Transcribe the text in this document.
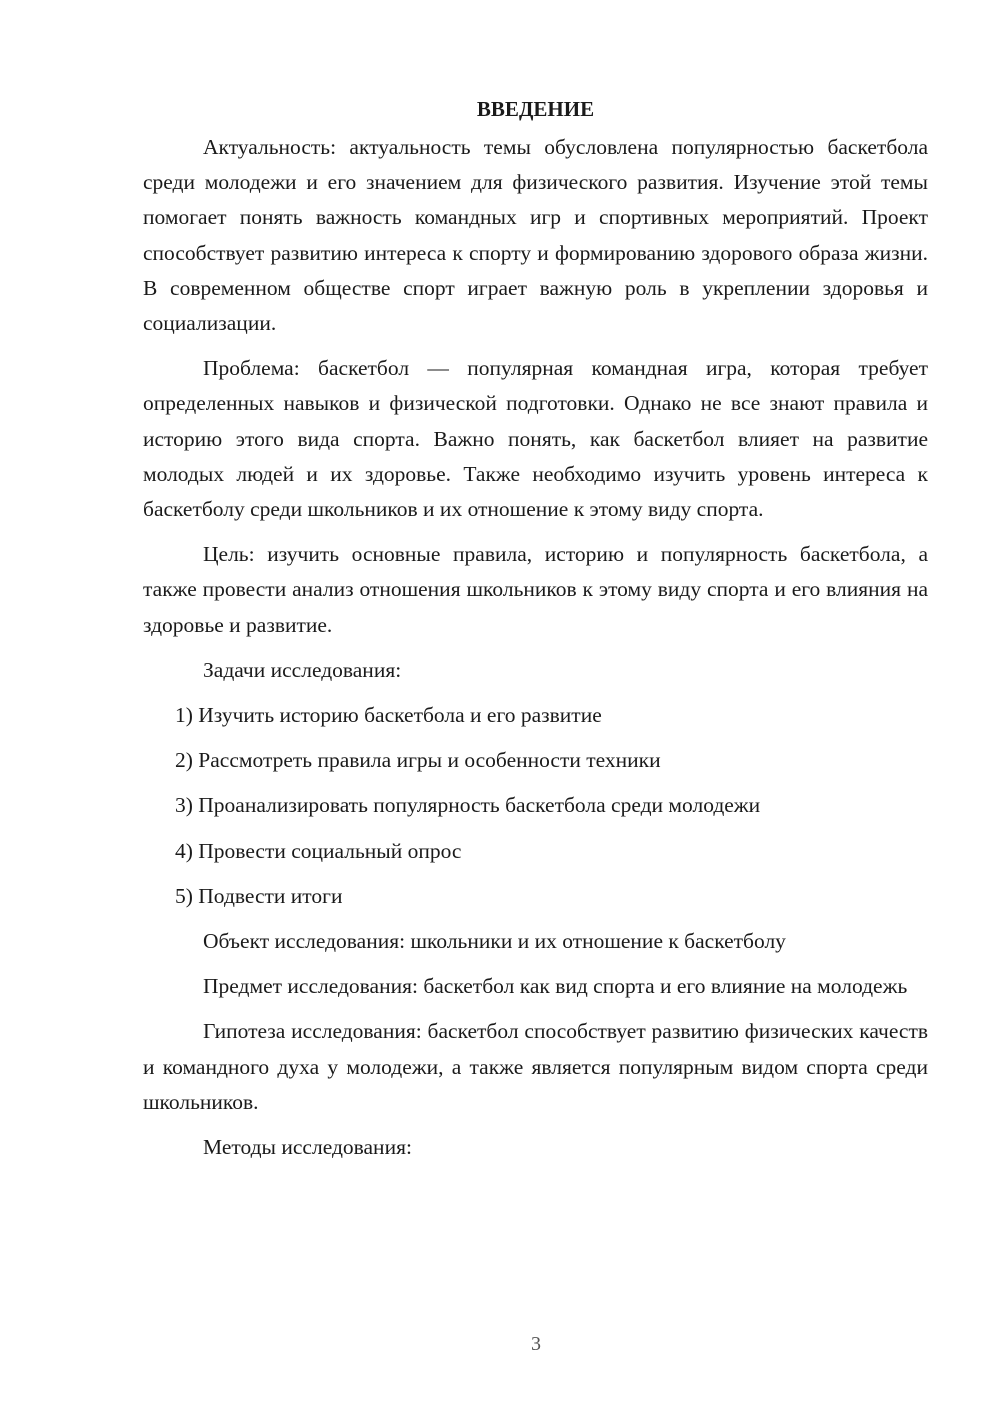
ВВЕДЕНИЕ

Актуальность: актуальность темы обусловлена популярностью баскетбола среди молодежи и его значением для физического развития. Изучение этой темы помогает понять важность командных игр и спортивных мероприятий. Проект способствует развитию интереса к спорту и формированию здорового образа жизни. В современном обществе спорт играет важную роль в укреплении здоровья и социализации.

Проблема: баскетбол — популярная командная игра, которая требует определенных навыков и физической подготовки. Однако не все знают правила и историю этого вида спорта. Важно понять, как баскетбол влияет на развитие молодых людей и их здоровье. Также необходимо изучить уровень интереса к баскетболу среди школьников и их отношение к этому виду спорта.

Цель: изучить основные правила, историю и популярность баскетбола, а также провести анализ отношения школьников к этому виду спорта и его влияния на здоровье и развитие.

Задачи исследования:

1) Изучить историю баскетбола и его развитие
2) Рассмотреть правила игры и особенности техники
3) Проанализировать популярность баскетбола среди молодежи
4) Провести социальный опрос
5) Подвести итоги

Объект исследования: школьники и их отношение к баскетболу

Предмет исследования: баскетбол как вид спорта и его влияние на молодежь

Гипотеза исследования: баскетбол способствует развитию физических качеств и командного духа у молодежи, а также является популярным видом спорта среди школьников.

Методы исследования:

3
